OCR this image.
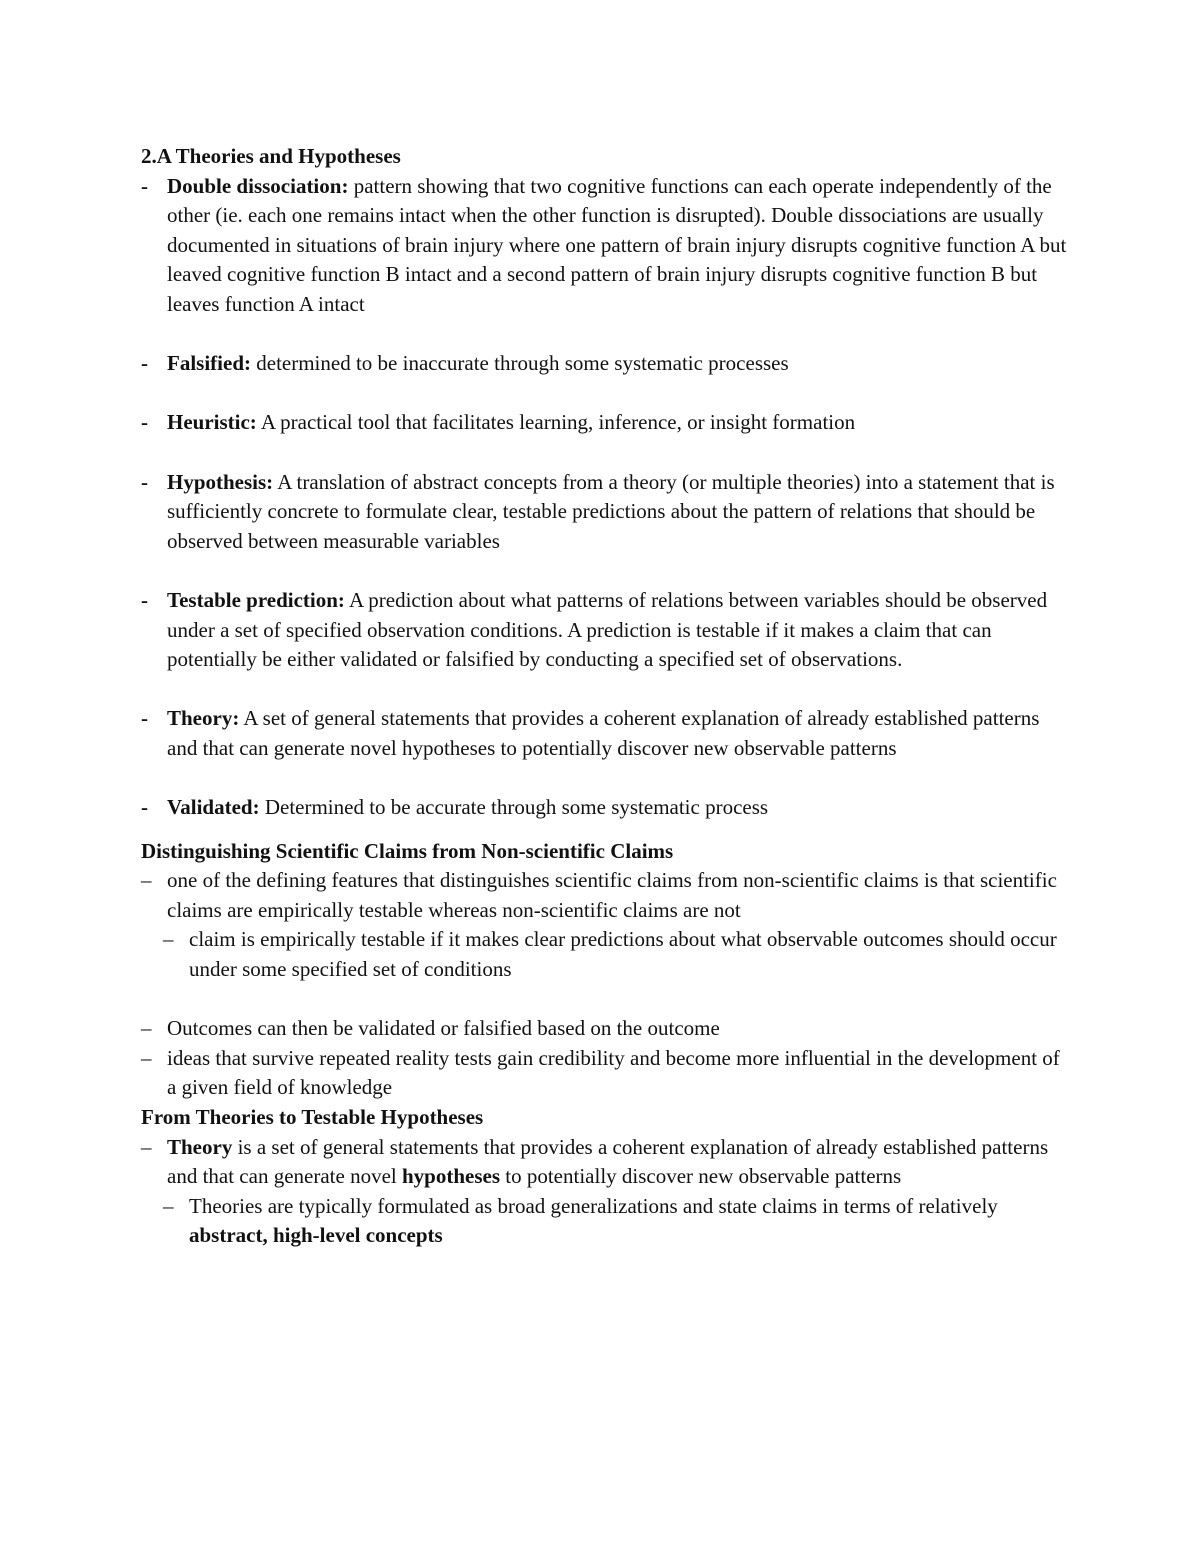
2.A Theories and Hypotheses
- Double dissociation: pattern showing that two cognitive functions can each operate independently of the other (ie. each one remains intact when the other function is disrupted). Double dissociations are usually documented in situations of brain injury where one pattern of brain injury disrupts cognitive function A but leaved cognitive function B intact and a second pattern of brain injury disrupts cognitive function B but leaves function A intact
- Falsified: determined to be inaccurate through some systematic processes
- Heuristic: A practical tool that facilitates learning, inference, or insight formation
- Hypothesis: A translation of abstract concepts from a theory (or multiple theories) into a statement that is sufficiently concrete to formulate clear, testable predictions about the pattern of relations that should be observed between measurable variables
- Testable prediction: A prediction about what patterns of relations between variables should be observed under a set of specified observation conditions. A prediction is testable if it makes a claim that can potentially be either validated or falsified by conducting a specified set of observations.
- Theory: A set of general statements that provides a coherent explanation of already established patterns and that can generate novel hypotheses to potentially discover new observable patterns
- Validated: Determined to be accurate through some systematic process
Distinguishing Scientific Claims from Non-scientific Claims
– one of the defining features that distinguishes scientific claims from non-scientific claims is that scientific claims are empirically testable whereas non-scientific claims are not
– claim is empirically testable if it makes clear predictions about what observable outcomes should occur under some specified set of conditions
– Outcomes can then be validated or falsified based on the outcome
– ideas that survive repeated reality tests gain credibility and become more influential in the development of a given field of knowledge
From Theories to Testable Hypotheses
– Theory is a set of general statements that provides a coherent explanation of already established patterns and that can generate novel hypotheses to potentially discover new observable patterns
– Theories are typically formulated as broad generalizations and state claims in terms of relatively abstract, high-level concepts
